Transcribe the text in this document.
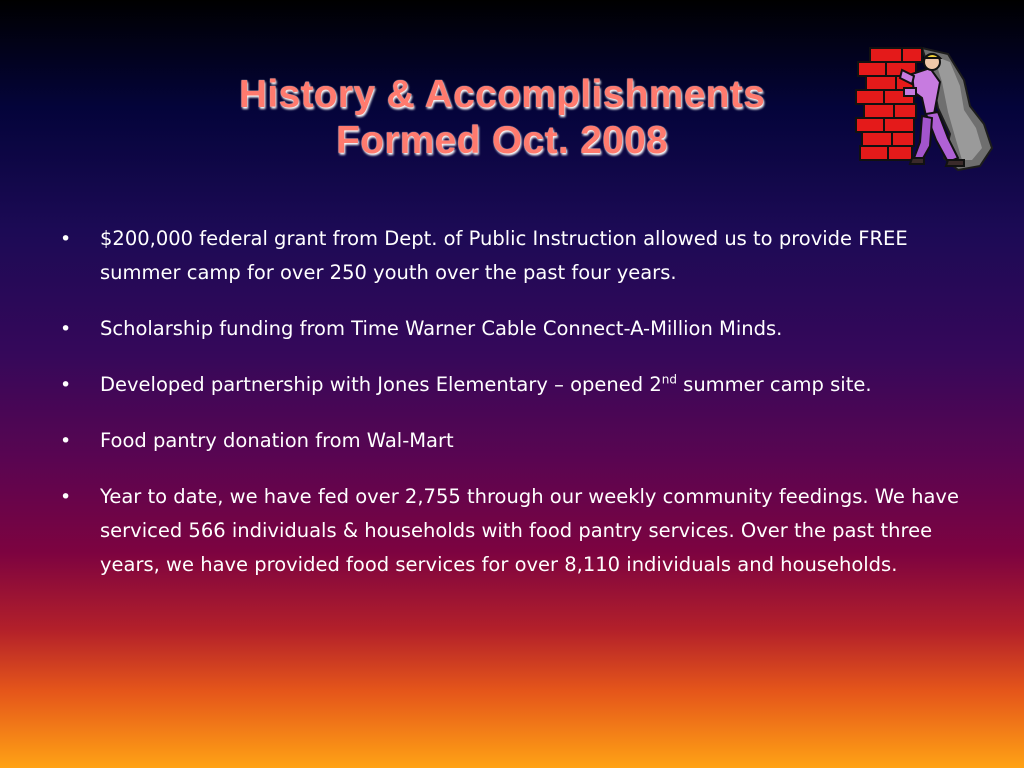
History & Accomplishments
Formed Oct. 2008
• $200,000 federal grant from Dept. of Public Instruction allowed us to provide FREE summer camp for over 250 youth over the past four years.
• Scholarship funding from Time Warner Cable Connect-A-Million Minds.
• Developed partnership with Jones Elementary – opened 2nd summer camp site.
• Food pantry donation from Wal-Mart
• Year to date, we have fed over 2,755 through our weekly community feedings. We have serviced 566 individuals & households with food pantry services. Over the past three years, we have provided food services for over 8,110 individuals and households.
